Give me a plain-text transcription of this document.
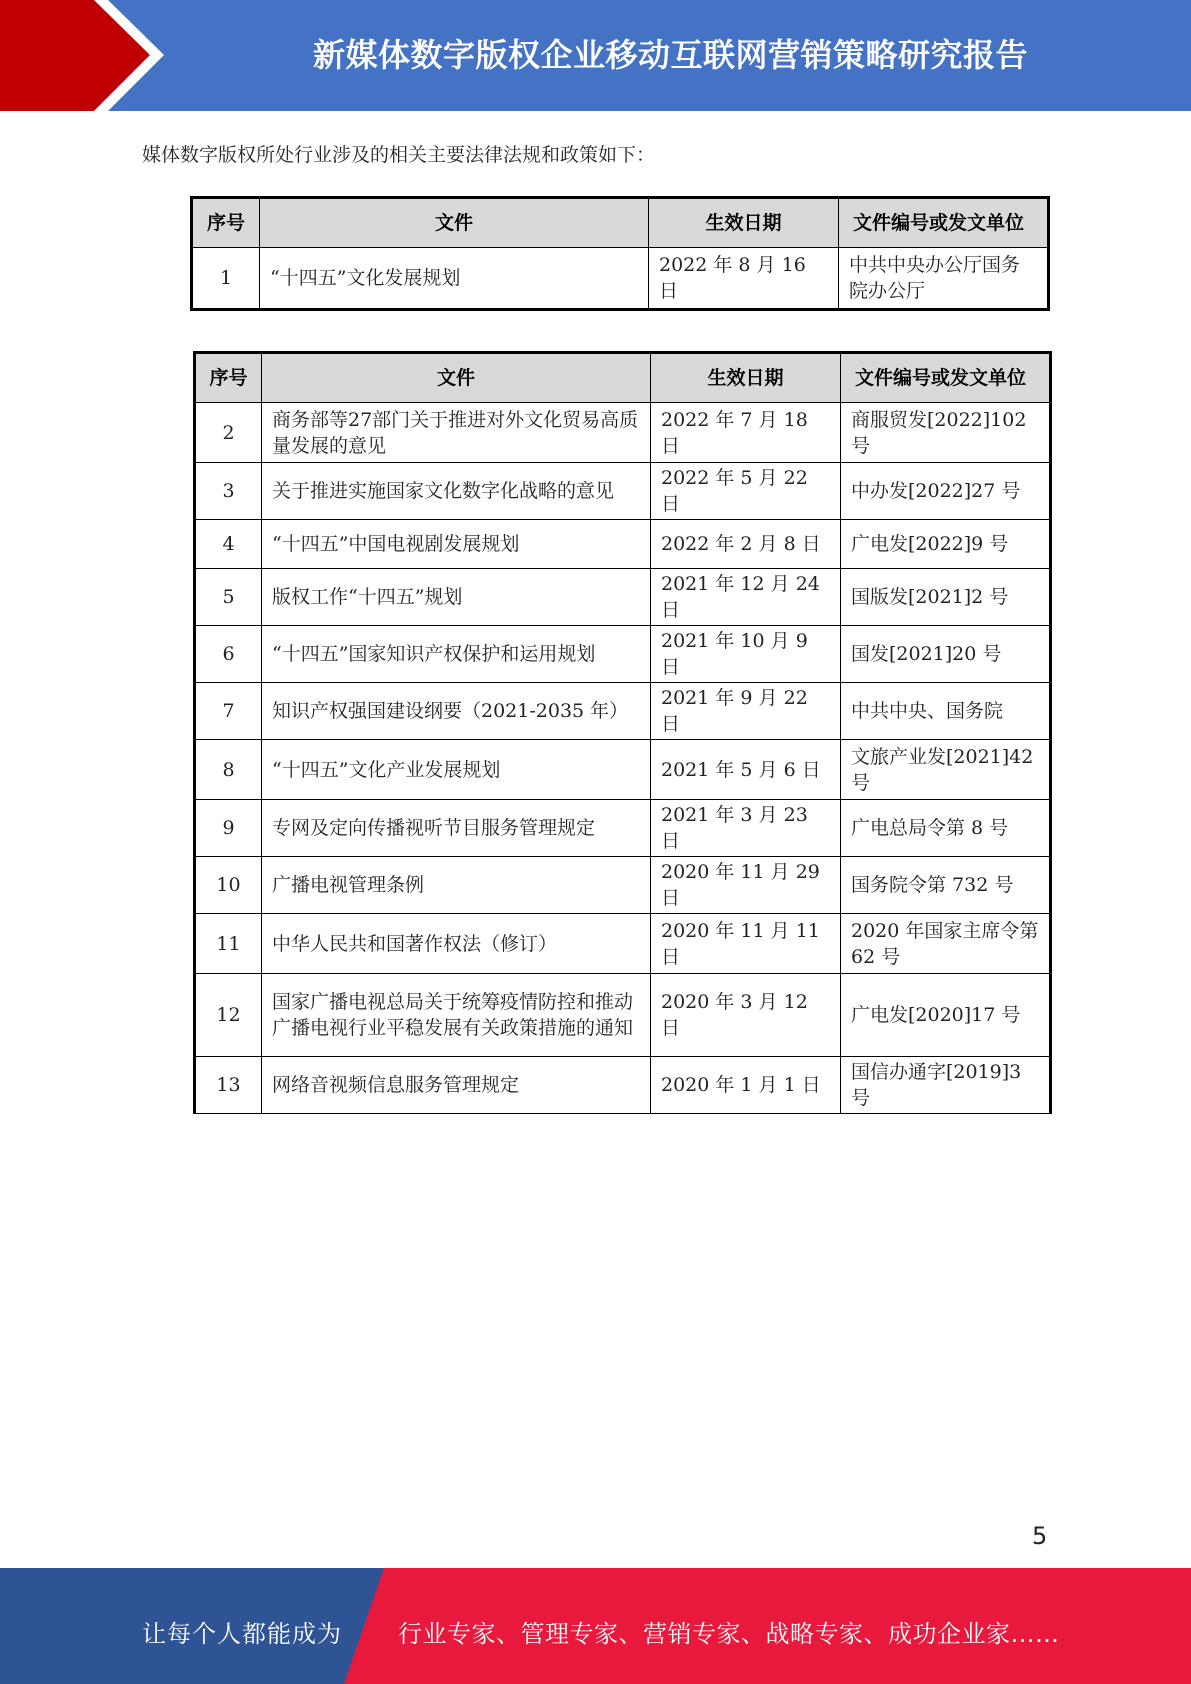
新媒体数字版权企业移动互联网营销策略研究报告
媒体数字版权所处行业涉及的相关主要法律法规和政策如下：
序号	文件	生效日期	文件编号或发文单位
1	“十四五”文化发展规划	2022 年 8 月 16 日	中共中央办公厅国务院办公厅
序号	文件	生效日期	文件编号或发文单位
2	商务部等27部门关于推进对外文化贸易高质量发展的意见	2022 年 7 月 18 日	商服贸发[2022]102 号
3	关于推进实施国家文化数字化战略的意见	2022 年 5 月 22 日	中办发[2022]27 号
4	“十四五”中国电视剧发展规划	2022 年 2 月 8 日	广电发[2022]9 号
5	版权工作“十四五”规划	2021 年 12 月 24 日	国版发[2021]2 号
6	“十四五”国家知识产权保护和运用规划	2021 年 10 月 9 日	国发[2021]20 号
7	知识产权强国建设纲要（2021-2035 年）	2021 年 9 月 22 日	中共中央、国务院
8	“十四五”文化产业发展规划	2021 年 5 月 6 日	文旅产业发[2021]42 号
9	专网及定向传播视听节目服务管理规定	2021 年 3 月 23 日	广电总局令第 8 号
10	广播电视管理条例	2020 年 11 月 29 日	国务院令第 732 号
11	中华人民共和国著作权法（修订）	2020 年 11 月 11 日	2020 年国家主席令第 62 号
12	国家广播电视总局关于统筹疫情防控和推动广播电视行业平稳发展有关政策措施的通知	2020 年 3 月 12 日	广电发[2020]17 号
13	网络音视频信息服务管理规定	2020 年 1 月 1 日	国信办通字[2019]3 号
5
让每个人都能成为 行业专家、管理专家、营销专家、战略专家、成功企业家……
